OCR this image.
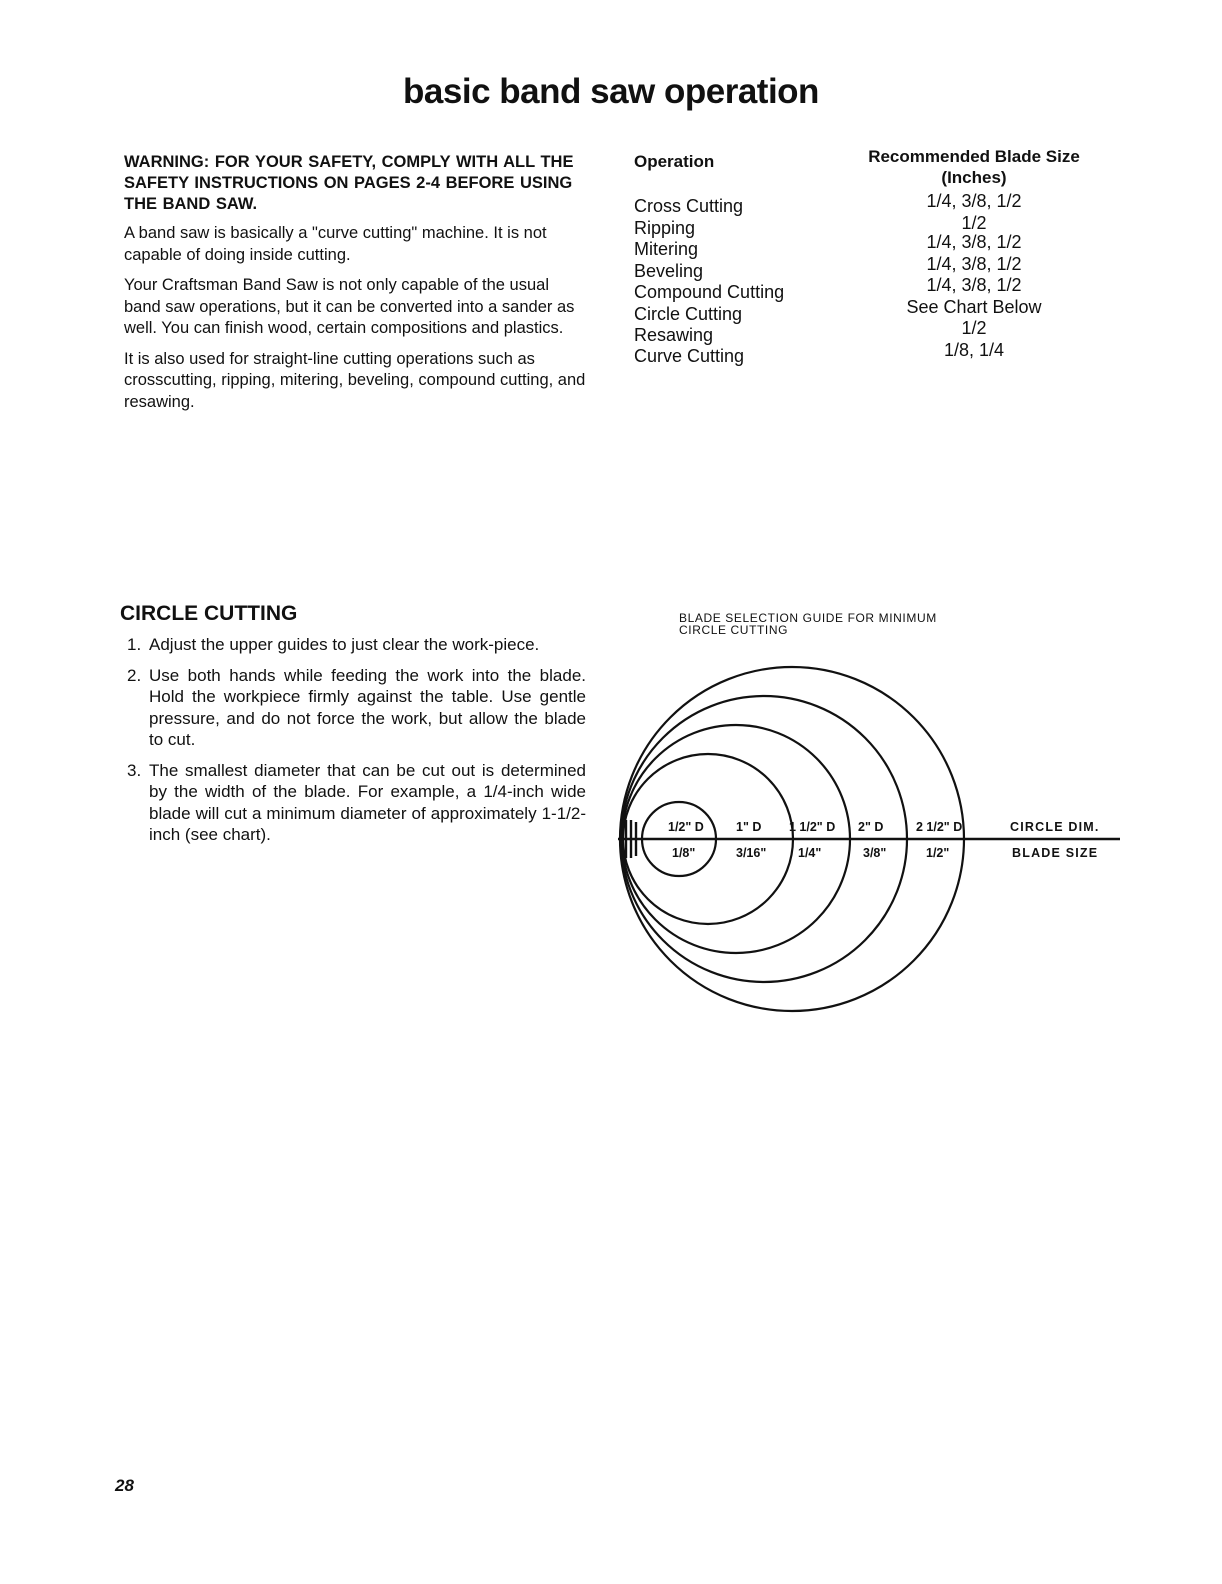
basic band saw operation

WARNING: FOR YOUR SAFETY, COMPLY WITH ALL THE SAFETY INSTRUCTIONS ON PAGES 2-4 BEFORE USING THE BAND SAW.

A band saw is basically a "curve cutting" machine. It is not capable of doing inside cutting.

Your Craftsman Band Saw is not only capable of the usual band saw operations, but it can be converted into a sander as well. You can finish wood, certain compositions and plastics.

It is also used for straight-line cutting operations such as crosscutting, ripping, mitering, beveling, compound cutting, and resawing.

Operation	Recommended Blade Size
(Inches)
Cross Cutting	1/4, 3/8, 1/2
Ripping	1/2
Mitering	1/4, 3/8, 1/2
Beveling	1/4, 3/8, 1/2
Compound Cutting	1/4, 3/8, 1/2
Circle Cutting	See Chart Below
Resawing	1/2
Curve Cutting	1/8, 1/4
CIRCLE CUTTING
1. Adjust the upper guides to just clear the work-piece.
2. Use both hands while feeding the work into the blade. Hold the workpiece firmly against the table. Use gentle pressure, and do not force the work, but allow the blade to cut.
3. The smallest diameter that can be cut out is determined by the width of the blade. For example, a 1/4-inch wide blade will cut a minimum diameter of approximately 1-1/2-inch (see chart).
BLADE SELECTION GUIDE FOR MINIMUM
CIRCLE CUTTING
1/2" D	1" D 1 1/2" D 2" D	2 1/2" D	CIRCLE DIM.
1/8"	3/16"	1/4"	3/8"	1/2"	BLADE SIZE
28
